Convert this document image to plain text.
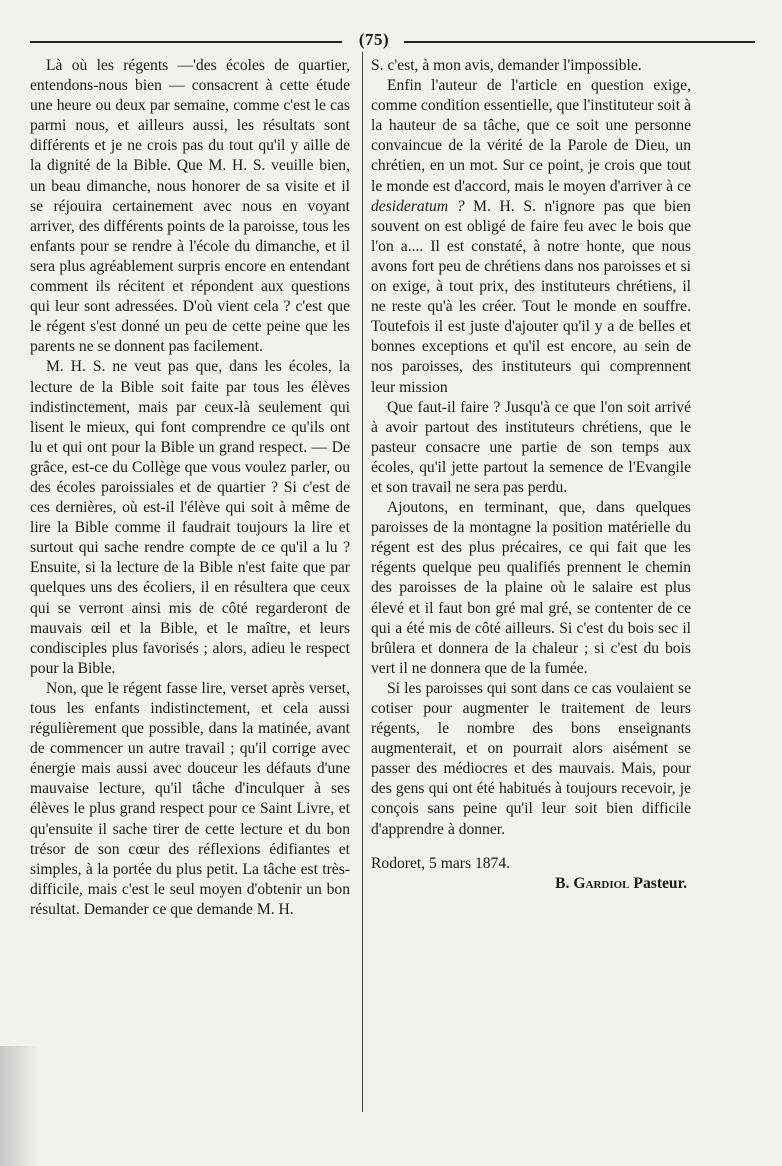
(75)

Là où les régents —'des écoles de quartier, entendons-nous bien — consacrent à cette étude une heure ou deux par semaine, comme c'est le cas parmi nous, et ailleurs aussi, les résultats sont différents et je ne crois pas du tout qu'il y aille de la dignité de la Bible. Que M. H. S. veuille bien, un beau dimanche, nous honorer de sa visite et il se réjouira certainement avec nous en voyant arriver, des différents points de la paroisse, tous les enfants pour se rendre à l'école du dimanche, et il sera plus agréablement surpris encore en entendant comment ils récitent et répondent aux questions qui leur sont adressées. D'où vient cela ? c'est que le régent s'est donné un peu de cette peine que les parents ne se donnent pas facilement.

M. H. S. ne veut pas que, dans les écoles, la lecture de la Bible soit faite par tous les élèves indistinctement, mais par ceux-là seulement qui lisent le mieux, qui font comprendre ce qu'ils ont lu et qui ont pour la Bible un grand respect. — De grâce, est-ce du Collège que vous voulez parler, ou des écoles paroissiales et de quartier ? Si c'est de ces dernières, où est-il l'élève qui soit à même de lire la Bible comme il faudrait toujours la lire et surtout qui sache rendre compte de ce qu'il a lu ? Ensuite, si la lecture de la Bible n'est faite que par quelques uns des écoliers, il en résultera que ceux qui se verront ainsi mis de côté regarderont de mauvais œil et la Bible, et le maître, et leurs condisciples plus favorisés ; alors, adieu le respect pour la Bible.

Non, que le régent fasse lire, verset après verset, tous les enfants indistinctement, et cela aussi régulièrement que possible, dans la matinée, avant de commencer un autre travail ; qu'il corrige avec énergie mais aussi avec douceur les défauts d'une mauvaise lecture, qu'il tâche d'inculquer à ses élèves le plus grand respect pour ce Saint Livre, et qu'ensuite il sache tirer de cette lecture et du bon trésor de son cœur des réflexions édifiantes et simples, à la portée du plus petit. La tâche est très-difficile, mais c'est le seul moyen d'obtenir un bon résultat. Demander ce que demande M. H.

S. c'est, à mon avis, demander l'impossible.

Enfin l'auteur de l'article en question exige, comme condition essentielle, que l'instituteur soit à la hauteur de sa tâche, que ce soit une personne convaincue de la vérité de la Parole de Dieu, un chrétien, en un mot. Sur ce point, je crois que tout le monde est d'accord, mais le moyen d'arriver à ce desideratum ? M. H. S. n'ignore pas que bien souvent on est obligé de faire feu avec le bois que l'on a.... Il est constaté, à notre honte, que nous avons fort peu de chrétiens dans nos paroisses et si on exige, à tout prix, des instituteurs chrétiens, il ne reste qu'à les créer. Tout le monde en souffre. Toutefois il est juste d'ajouter qu'il y a de belles et bonnes exceptions et qu'il est encore, au sein de nos paroisses, des instituteurs qui comprennent leur mission

Que faut-il faire ? Jusqu'à ce que l'on soit arrivé à avoir partout des instituteurs chrétiens, que le pasteur consacre une partie de son temps aux écoles, qu'il jette partout la semence de l'Evangile et son travail ne sera pas perdu.

Ajoutons, en terminant, que, dans quelques paroisses de la montagne la position matérielle du régent est des plus précaires, ce qui fait que les régents quelque peu qualifiés prennent le chemin des paroisses de la plaine où le salaire est plus élevé et il faut bon gré mal gré, se contenter de ce qui a été mis de côté ailleurs. Si c'est du bois sec il brûlera et donnera de la chaleur ; si c'est du bois vert il ne donnera que de la fumée.

Si les paroisses qui sont dans ce cas voulaient se cotiser pour augmenter le traitement de leurs régents, le nombre des bons enseignants augmenterait, et on pourrait alors aisément se passer des médiocres et des mauvais. Mais, pour des gens qui ont été habitués à toujours recevoir, je conçois sans peine qu'il leur soit bien difficile d'apprendre à donner.

Rodoret, 5 mars 1874.

B. Gardiol Pasteur.
